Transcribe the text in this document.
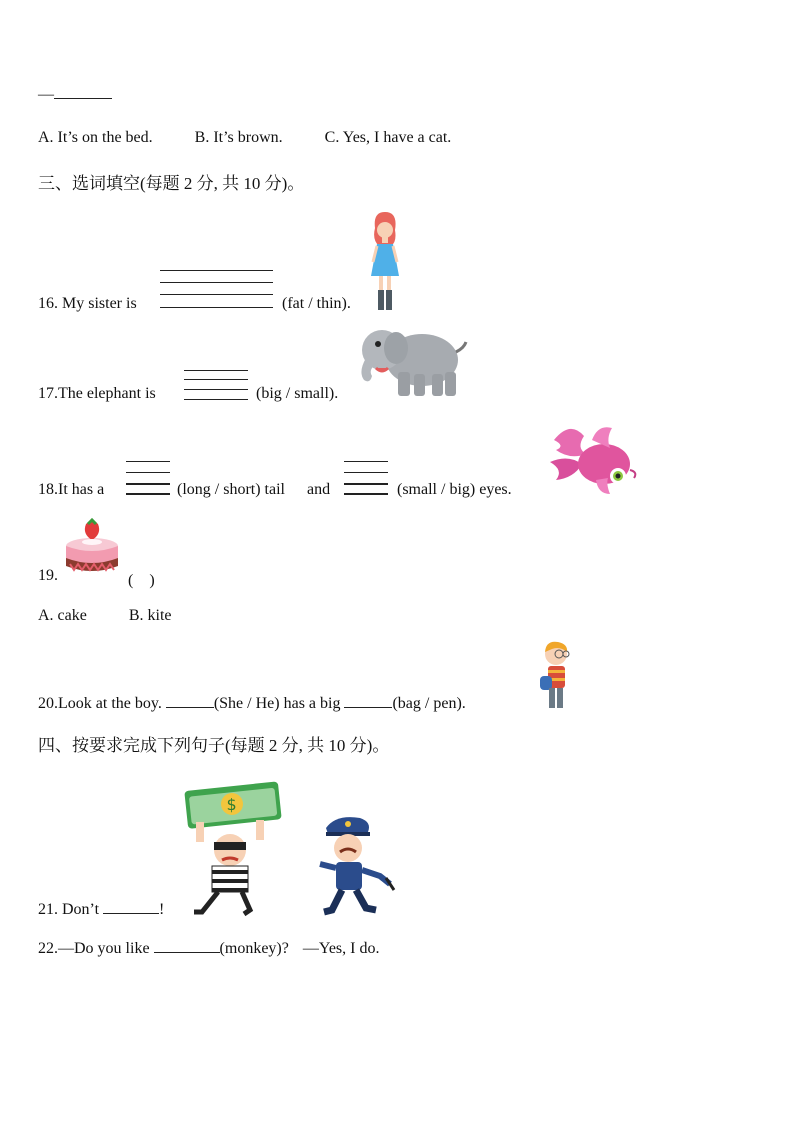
—
A. It’s on the bed.	B. It’s brown.	C. Yes, I have a cat.
三、选词填空(每题 2 分, 共 10 分)。
16. My sister is	(fat / thin).
17.The elephant is	(big / small).
18.It has a	(long / short) tail and	(small / big) eyes.
19.	(　)
A. cake	B. kite
20.Look at the boy.	(She / He) has a big	(bag / pen).
四、按要求完成下列句子(每题 2 分, 共 10 分)。
$
21. Don’t	!
22.—Do you like	(monkey)? —Yes, I do.
